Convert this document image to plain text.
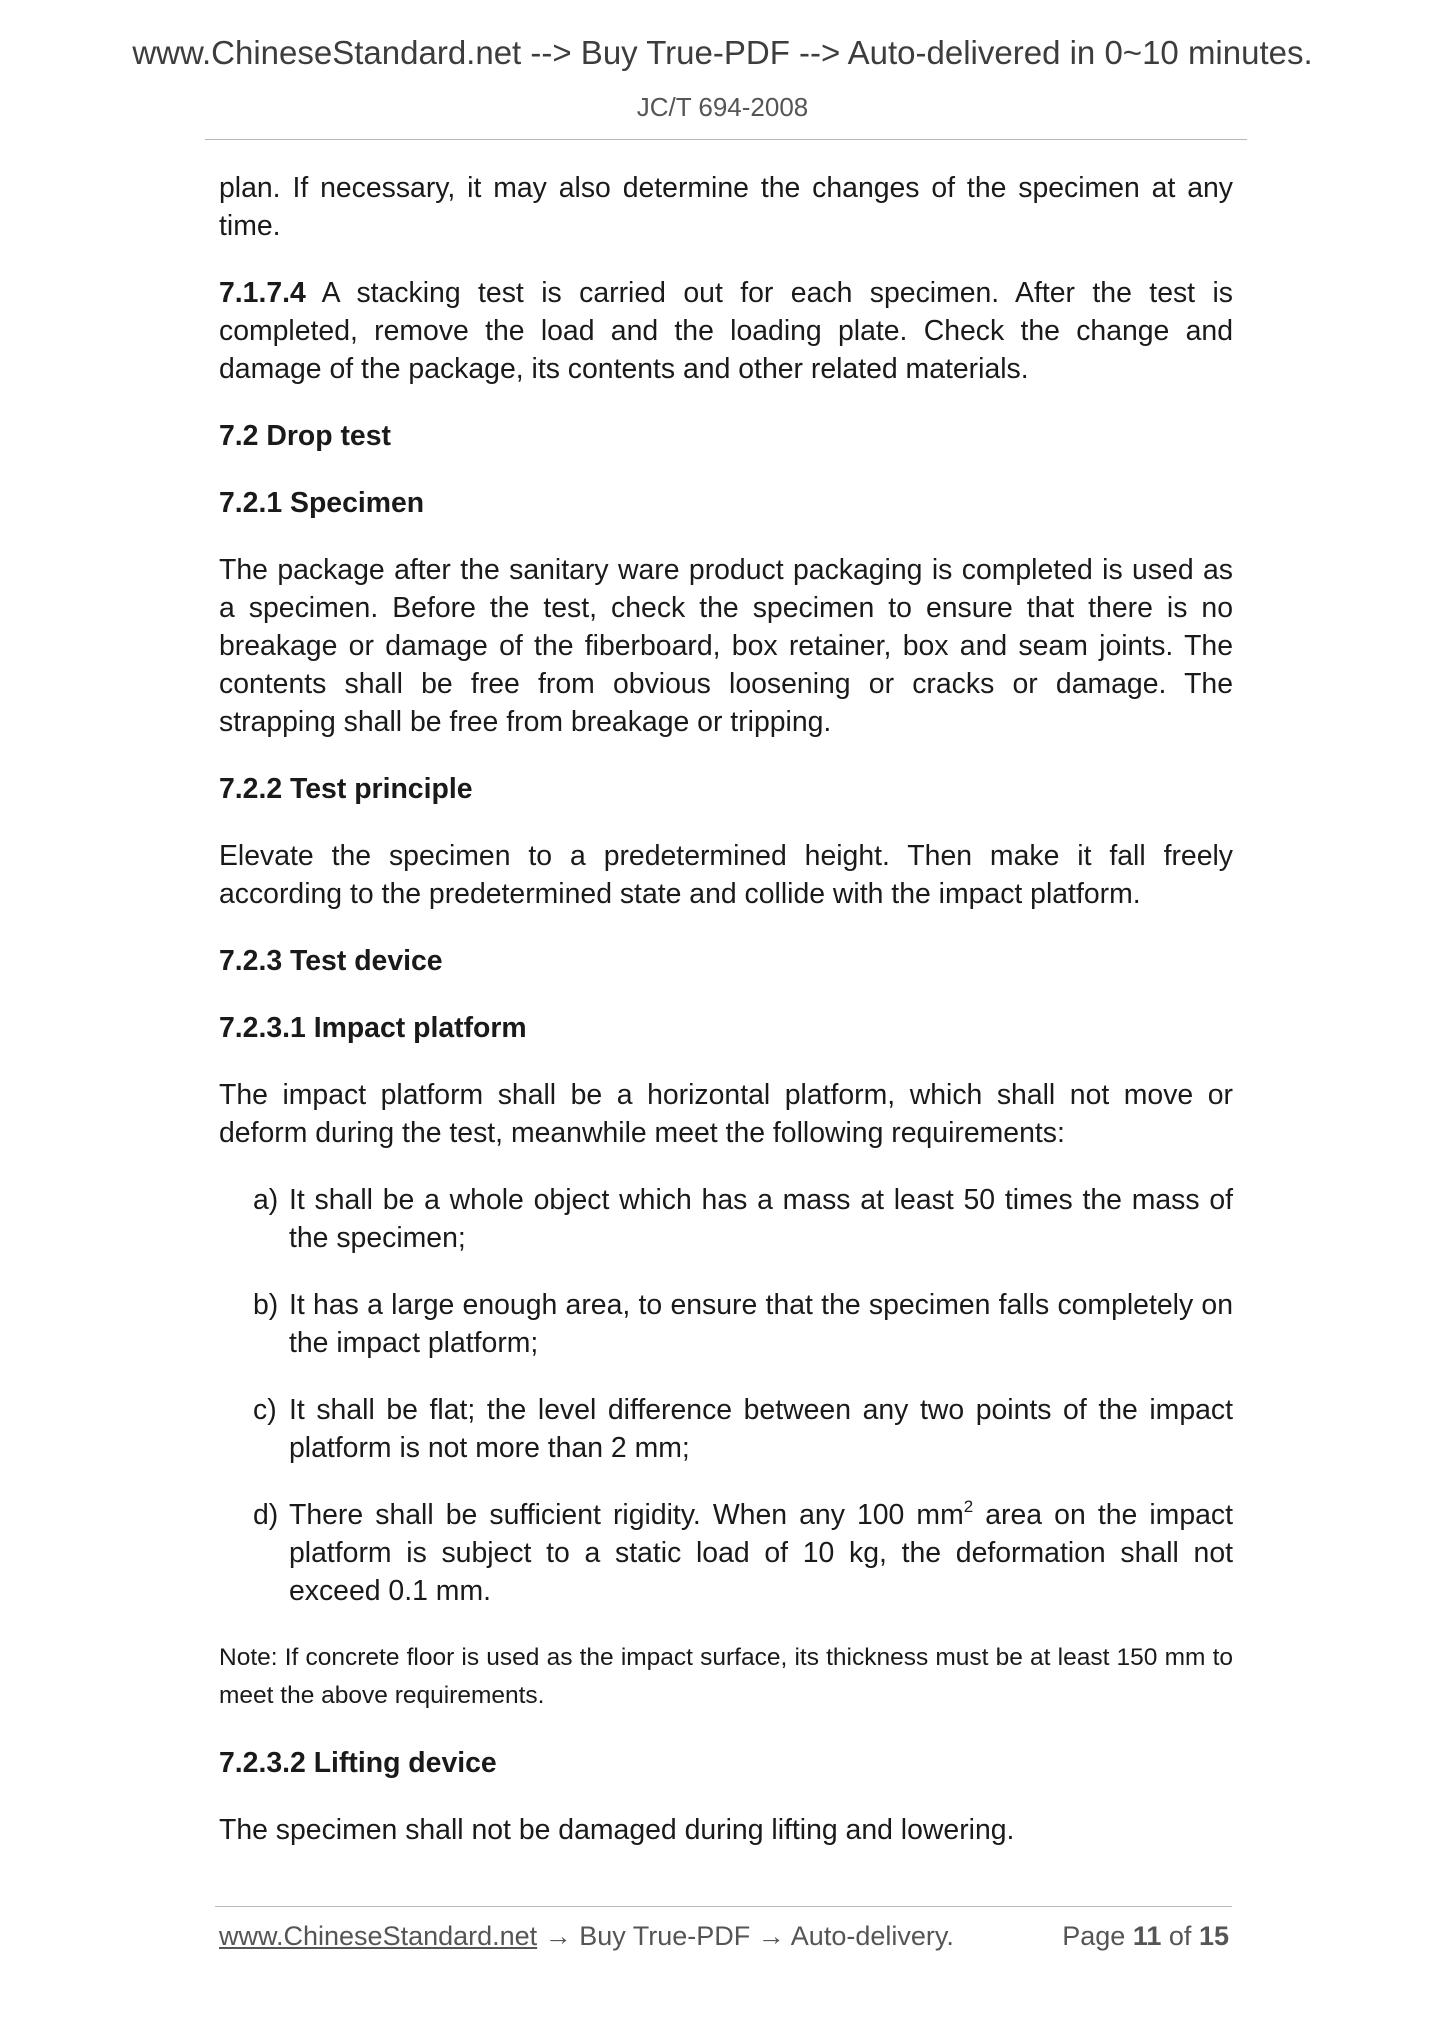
www.ChineseStandard.net --> Buy True-PDF --> Auto-delivered in 0~10 minutes.
JC/T 694-2008

plan. If necessary, it may also determine the changes of the specimen at any time.

7.1.7.4 A stacking test is carried out for each specimen. After the test is completed, remove the load and the loading plate. Check the change and damage of the package, its contents and other related materials.

7.2 Drop test

7.2.1 Specimen

The package after the sanitary ware product packaging is completed is used as a specimen. Before the test, check the specimen to ensure that there is no breakage or damage of the fiberboard, box retainer, box and seam joints. The contents shall be free from obvious loosening or cracks or damage. The strapping shall be free from breakage or tripping.

7.2.2 Test principle

Elevate the specimen to a predetermined height. Then make it fall freely according to the predetermined state and collide with the impact platform.

7.2.3 Test device

7.2.3.1 Impact platform

The impact platform shall be a horizontal platform, which shall not move or deform during the test, meanwhile meet the following requirements:

a) It shall be a whole object which has a mass at least 50 times the mass of the specimen;

b) It has a large enough area, to ensure that the specimen falls completely on the impact platform;

c) It shall be flat; the level difference between any two points of the impact platform is not more than 2 mm;

d) There shall be sufficient rigidity. When any 100 $mm^2$ area on the impact platform is subject to a static load of 10 kg, the deformation shall not exceed 0.1 mm.

Note: If concrete floor is used as the impact surface, its thickness must be at least 150 mm to meet the above requirements.

7.2.3.2 Lifting device

The specimen shall not be damaged during lifting and lowering.

www.ChineseStandard.net → Buy True-PDF → Auto-delivery.	Page 11 of 15
